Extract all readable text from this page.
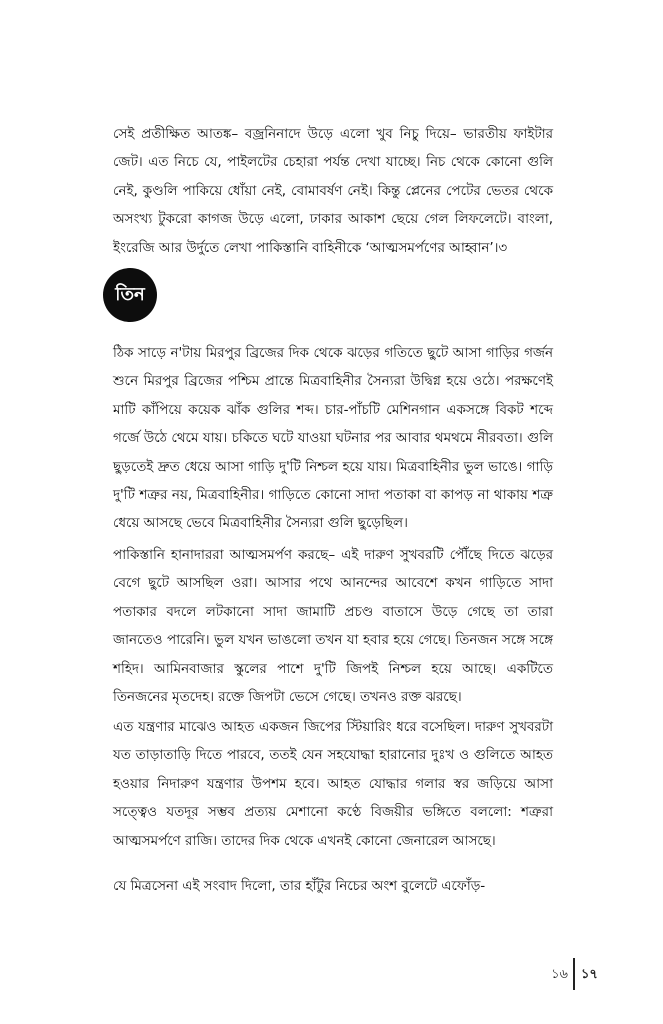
সেই প্রতীক্ষিত আতঙ্ক– বজ্রনিনাদে উড়ে এলো খুব নিচু দিয়ে– ভারতীয় ফাইটার জেট। এত নিচে যে, পাইলটের চেহারা পর্যন্ত দেখা যাচ্ছে। নিচ থেকে কোনো গুলি নেই, কুণ্ডলি পাকিয়ে ধোঁয়া নেই, বোমাবর্ষণ নেই। কিন্তু প্লেনের পেটের ভেতর থেকে অসংখ্য টুকরো কাগজ উড়ে এলো, ঢাকার আকাশ ছেয়ে গেল লিফলেটে। বাংলা, ইংরেজি আর উর্দুতে লেখা পাকিস্তানি বাহিনীকে ‘আত্মসমর্পণের আহ্বান’।৩

তিন

ঠিক সাড়ে ন'টায় মিরপুর ব্রিজের দিক থেকে ঝড়ের গতিতে ছুটে আসা গাড়ির গর্জন শুনে মিরপুর ব্রিজের পশ্চিম প্রান্তে মিত্রবাহিনীর সৈন্যরা উদ্বিগ্ন হয়ে ওঠে। পরক্ষণেই মাটি কাঁপিয়ে কয়েক ঝাঁক গুলির শব্দ। চার-পাঁচটি মেশিনগান একসঙ্গে বিকট শব্দে গর্জে উঠে থেমে যায়। চকিতে ঘটে যাওয়া ঘটনার পর আবার থমথমে নীরবতা। গুলি ছুড়তেই দ্রুত ধেয়ে আসা গাড়ি দু'টি নিশ্চল হয়ে যায়। মিত্রবাহিনীর ভুল ভাঙে। গাড়ি দু'টি শত্রুর নয়, মিত্রবাহিনীর। গাড়িতে কোনো সাদা পতাকা বা কাপড় না থাকায় শত্রু ধেয়ে আসছে ভেবে মিত্রবাহিনীর সৈন্যরা গুলি ছুড়েছিল।

পাকিস্তানি হানাদাররা আত্মসমর্পণ করছে– এই দারুণ সুখবরটি পৌঁছে দিতে ঝড়ের বেগে ছুটে আসছিল ওরা। আসার পথে আনন্দের আবেশে কখন গাড়িতে সাদা পতাকার বদলে লটকানো সাদা জামাটি প্রচণ্ড বাতাসে উড়ে গেছে তা তারা জানতেও পারেনি। ভুল যখন ভাঙলো তখন যা হবার হয়ে গেছে। তিনজন সঙ্গে সঙ্গে শহিদ। আমিনবাজার স্কুলের পাশে দু'টি জিপই নিশ্চল হয়ে আছে। একটিতে তিনজনের মৃতদেহ। রক্তে জিপটা ভেসে গেছে। তখনও রক্ত ঝরছে।

এত যন্ত্রণার মাঝেও আহত একজন জিপের স্টিয়ারিং ধরে বসেছিল। দারুণ সুখবরটা যত তাড়াতাড়ি দিতে পারবে, ততই যেন সহযোদ্ধা হারানোর দুঃখ ও গুলিতে আহত হওয়ার নিদারুণ যন্ত্রণার উপশম হবে। আহত যোদ্ধার গলার স্বর জড়িয়ে আসা সত্ত্বেও যতদূর সম্ভব প্রত্যয় মেশানো কণ্ঠে বিজয়ীর ভঙ্গিতে বললো: শত্রুরা আত্মসমর্পণে রাজি। তাদের দিক থেকে এখনই কোনো জেনারেল আসছে।

যে মিত্রসেনা এই সংবাদ দিলো, তার হাঁটুর নিচের অংশ বুলেটে এফোঁড়-

১৬ ১৭
